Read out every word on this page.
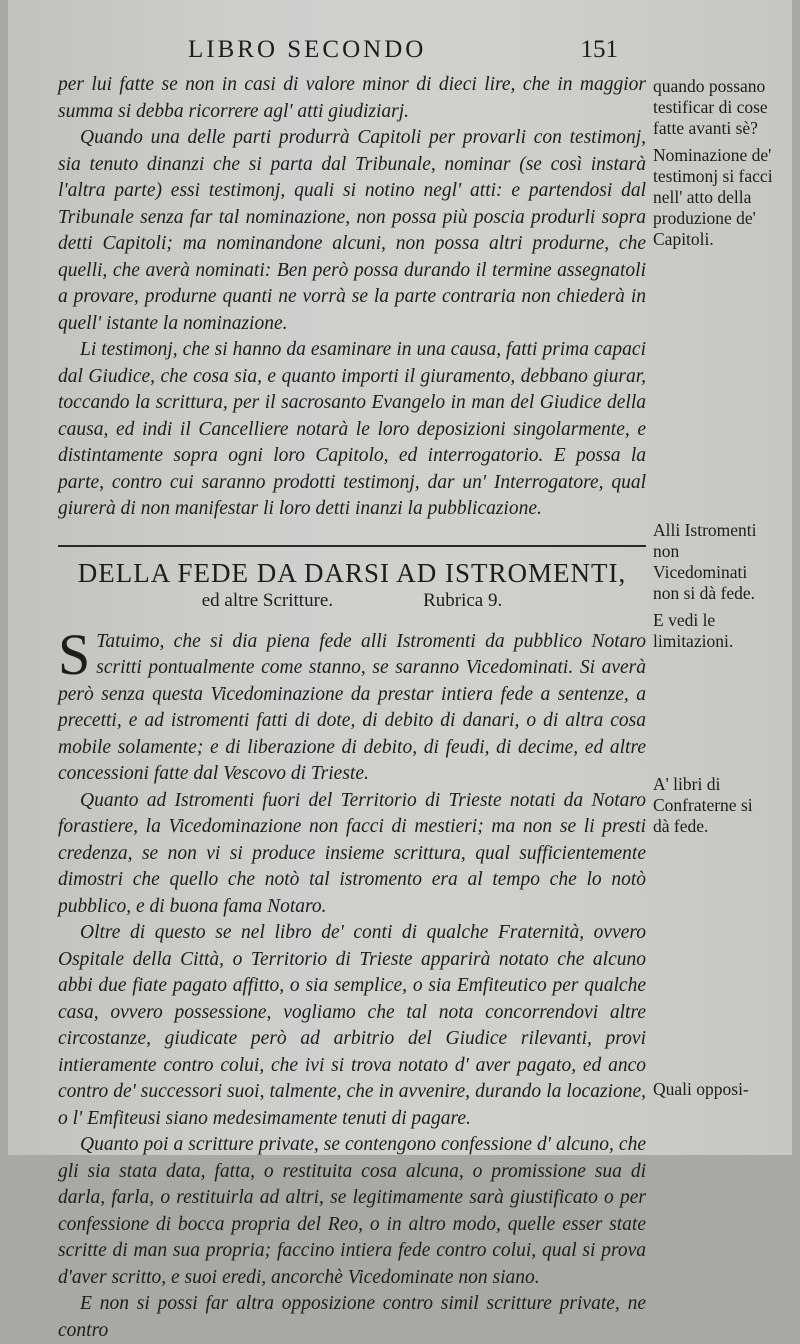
LIBRO SECONDO	151

per lui fatte se non in casi di valore minor di dieci lire, che in maggior summa si debba ricorrere agl' atti giudiziarj.

Quando una delle parti produrrà Capitoli per provarli con testimonj, sia tenuto dinanzi che si parta dal Tribunale, nominar (se così instarà l'altra parte) essi testimonj, quali si notino negl' atti: e partendosi dal Tribunale senza far tal nominazione, non possa più poscia produrli sopra detti Capitoli; ma nominandone alcuni, non possa altri produrne, che quelli, che averà nominati: Ben però possa durando il termine assegnatoli a provare, produrne quanti ne vorrà se la parte contraria non chiederà in quell' istante la nominazione.

Li testimonj, che si hanno da esaminare in una causa, fatti prima capaci dal Giudice, che cosa sia, e quanto importi il giuramento, debbano giurar, toccando la scrittura, per il sacrosanto Evangelo in man del Giudice della causa, ed indi il Cancelliere notarà le loro deposizioni singolarmente, e distintamente sopra ogni loro Capitolo, ed interrogatorio. E possa la parte, contro cui saranno prodotti testimonj, dar un' Interrogatore, qual giurerà di non manifestar li loro detti inanzi la pubblicazione.

DELLA FEDE DA DARSI AD ISTROMENTI,

ed altre Scritture.	Rubrica 9.

S Tatuimo, che si dia piena fede alli Istromenti da pubblico Notaro scritti pontualmente come stanno, se saranno Vicedominati. Si averà però senza questa Vicedominazione da prestar intiera fede a sentenze, a precetti, e ad istromenti fatti di dote, di debito di danari, o di altra cosa mobile solamente; e di liberazione di debito, di feudi, di decime, ed altre concessioni fatte dal Vescovo di Trieste.

Quanto ad Istromenti fuori del Territorio di Trieste notati da Notaro forastiere, la Vicedominazione non facci di mestieri; ma non se li presti credenza, se non vi si produce insieme scrittura, qual sufficientemente dimostri che quello che notò tal istromento era al tempo che lo notò pubblico, e di buona fama Notaro.

Oltre di questo se nel libro de' conti di qualche Fraternità, ovvero Ospitale della Città, o Territorio di Trieste apparirà notato che alcuno abbi due fiate pagato affitto, o sia semplice, o sia Emfiteutico per qualche casa, ovvero possessione, vogliamo che tal nota concorrendovi altre circostanze, giudicate però ad arbitrio del Giudice rilevanti, provi intieramente contro colui, che ivi si trova notato d' aver pagato, ed anco contro de' successori suoi, talmente, che in avvenire, durando la locazione, o l' Emfiteusi siano medesimamente tenuti di pagare.

Quanto poi a scritture private, se contengono confessione d' alcuno, che gli sia stata data, fatta, o restituita cosa alcuna, o promissione sua di darla, farla, o restituirla ad altri, se legitimamente sarà giustificato o per confessione di bocca propria del Reo, o in altro modo, quelle esser state scritte di man sua propria; faccino intiera fede contro colui, qual si prova d'aver scritto, e suoi eredi, ancorchè Vicedominate non siano.

E non si possi far altra opposizione contro simil scritture private, ne contro

quando possano testificar di cose fatte avanti sè?

Nominazione de' testimonj si facci nell' atto della produzione de' Capitoli.

Alli Istromenti non Vicedominati non si dà fede.

E vedi le limitazioni.

A' libri di Confraterne si dà fede.

Quali opposi-
